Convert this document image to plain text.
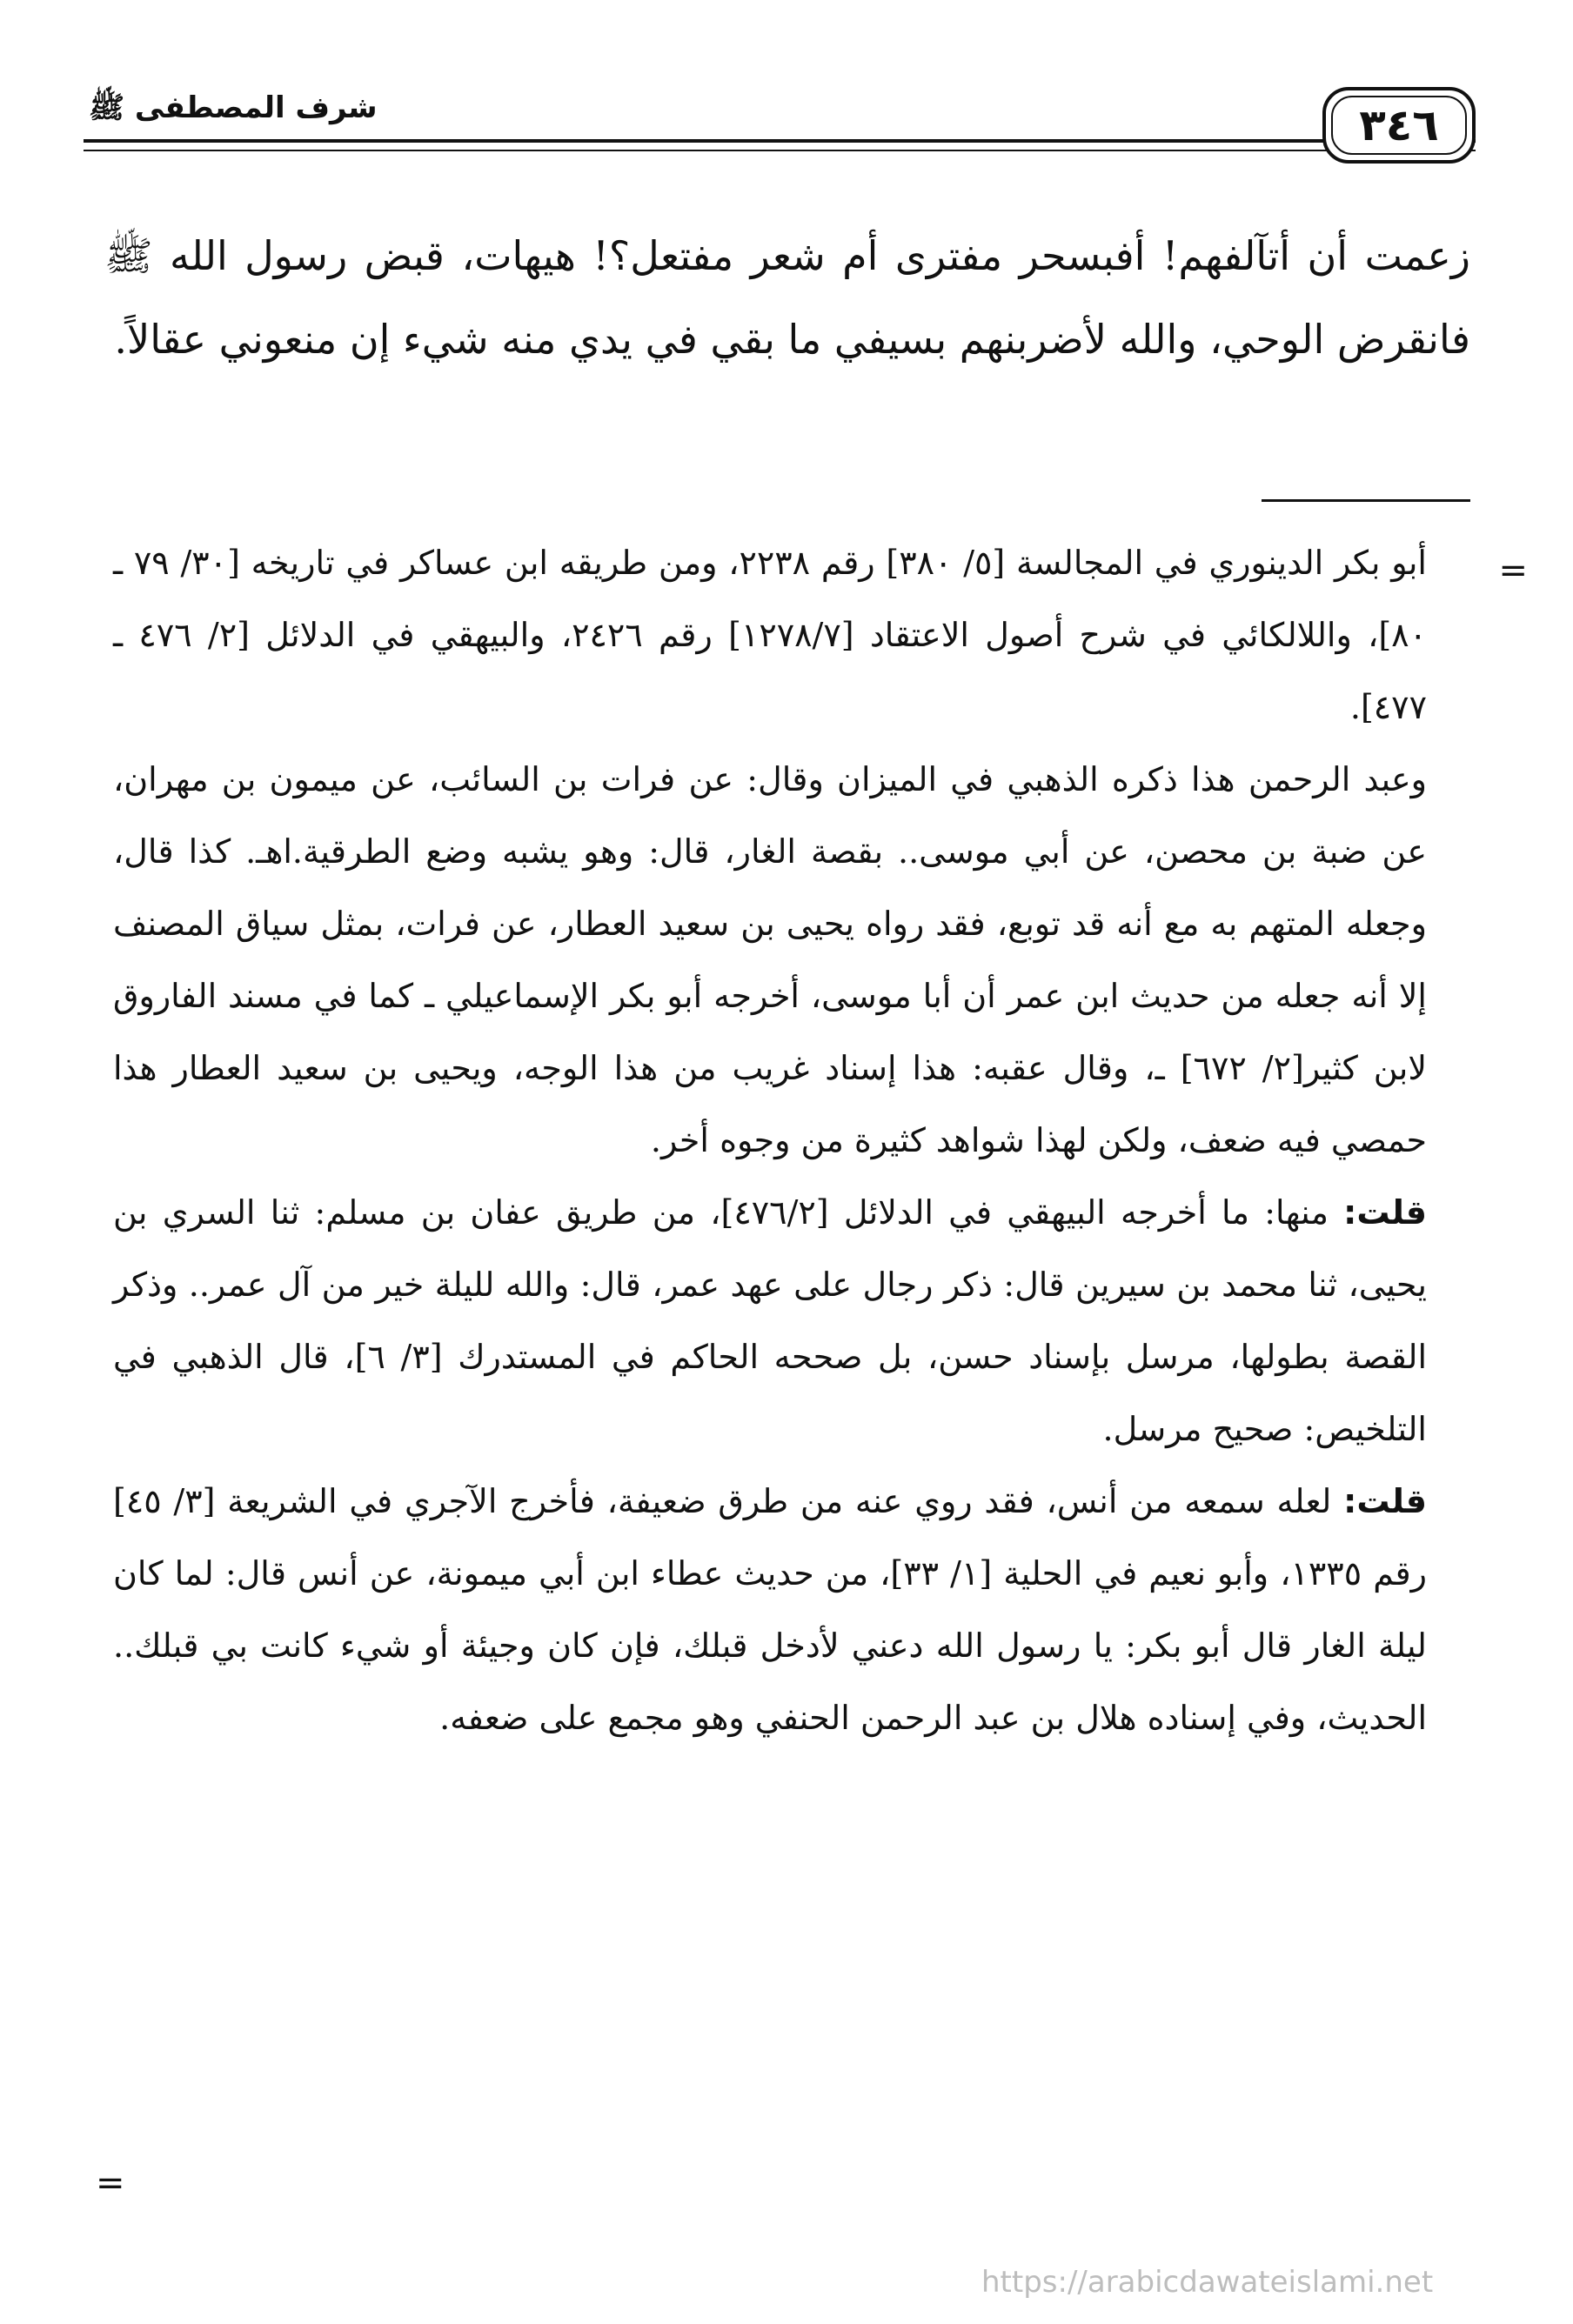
٣٤٦
شرف المصطفى ﷺ
زعمت أن أتآلفهم! أفبسحر مفترى أم شعر مفتعل؟! هيهات، قبض رسول الله ﷺ فانقرض الوحي، والله لأضربنهم بسيفي ما بقي في يدي منه شيء إن منعوني عقالاً.
=

أبو بكر الدينوري في المجالسة [٥/ ٣٨٠] رقم ٢٢٣٨، ومن طريقه ابن عساكر في تاريخه [٣٠/ ٧٩ ـ ٨٠]، واللالكائي في شرح أصول الاعتقاد [١٢٧٨/٧] رقم ٢٤٢٦، والبيهقي في الدلائل [٢/ ٤٧٦ ـ ٤٧٧].

وعبد الرحمن هذا ذكره الذهبي في الميزان وقال: عن فرات بن السائب، عن ميمون بن مهران، عن ضبة بن محصن، عن أبي موسى.. بقصة الغار، قال: وهو يشبه وضع الطرقية.اهـ. كذا قال، وجعله المتهم به مع أنه قد توبع، فقد رواه يحيى بن سعيد العطار، عن فرات، بمثل سياق المصنف إلا أنه جعله من حديث ابن عمر أن أبا موسى، أخرجه أبو بكر الإسماعيلي ـ كما في مسند الفاروق لابن كثير[٢/ ٦٧٢] ـ، وقال عقبه: هذا إسناد غريب من هذا الوجه، ويحيى بن سعيد العطار هذا حمصي فيه ضعف، ولكن لهذا شواهد كثيرة من وجوه أخر.

قلت: منها: ما أخرجه البيهقي في الدلائل [٤٧٦/٢]، من طريق عفان بن مسلم: ثنا السري بن يحيى، ثنا محمد بن سيرين قال: ذكر رجال على عهد عمر، قال: والله لليلة خير من آل عمر.. وذكر القصة بطولها، مرسل بإسناد حسن، بل صححه الحاكم في المستدرك [٣/ ٦]، قال الذهبي في التلخيص: صحيح مرسل.

قلت: لعله سمعه من أنس، فقد روي عنه من طرق ضعيفة، فأخرج الآجري في الشريعة [٣/ ٤٥] رقم ١٣٣٥، وأبو نعيم في الحلية [١/ ٣٣]، من حديث عطاء ابن أبي ميمونة، عن أنس قال: لما كان ليلة الغار قال أبو بكر: يا رسول الله دعني لأدخل قبلك، فإن كان وجيئة أو شيء كانت بي قبلك.. الحديث، وفي إسناده هلال بن عبد الرحمن الحنفي وهو مجمع على ضعفه.

=
https://arabicdawateislami.net
